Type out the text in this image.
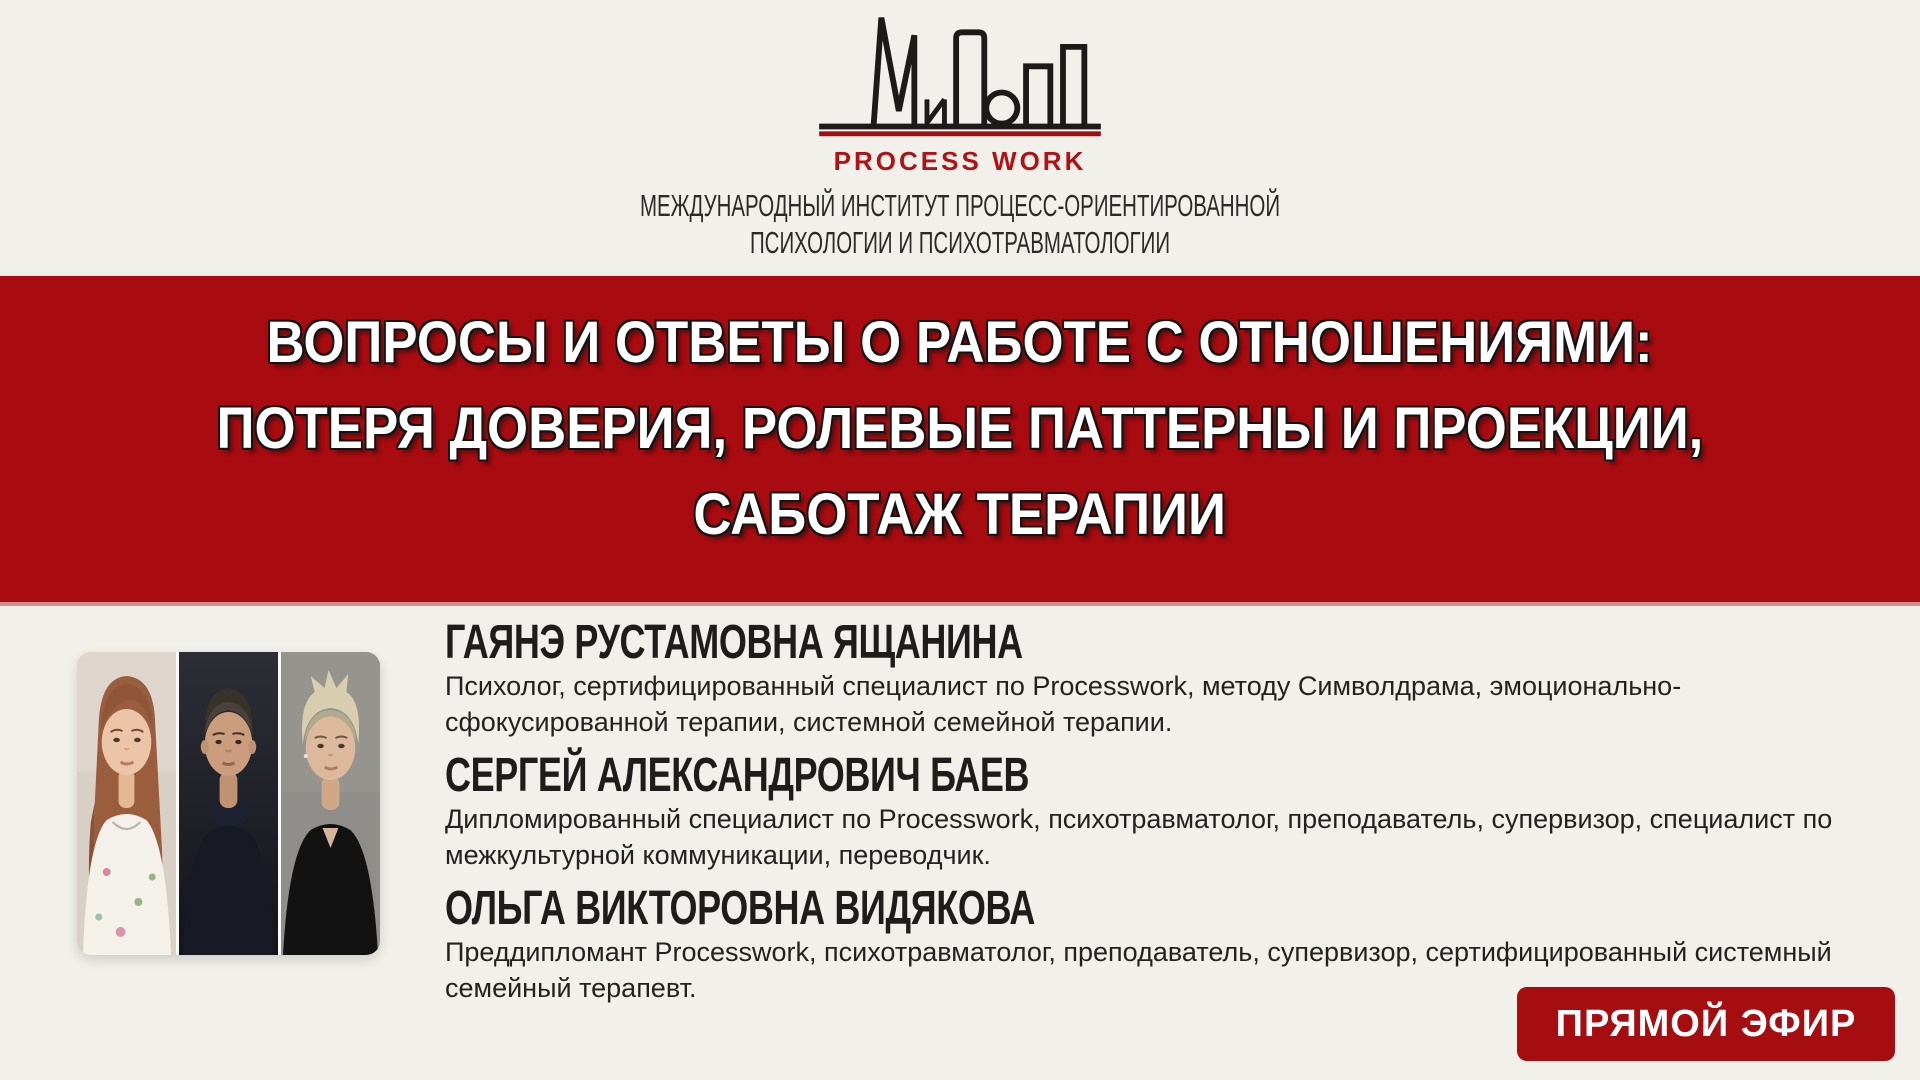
PROCESS WORK
МЕЖДУНАРОДНЫЙ ИНСТИТУТ ПРОЦЕСС-ОРИЕНТИРОВАННОЙ
ПСИХОЛОГИИ И ПСИХОТРАВМАТОЛОГИИ
ВОПРОСЫ И ОТВЕТЫ О РАБОТЕ С ОТНОШЕНИЯМИ:
ПОТЕРЯ ДОВЕРИЯ, РОЛЕВЫЕ ПАТТЕРНЫ И ПРОЕКЦИИ,
САБОТАЖ ТЕРАПИИ
ГАЯНЭ РУСТАМОВНА ЯЩАНИНА
Психолог, сертифицированный специалист по Processwork, методу Символдрама, эмоционально-сфокусированной терапии, системной семейной терапии.
СЕРГЕЙ АЛЕКСАНДРОВИЧ БАЕВ
Дипломированный специалист по Processwork, психотравматолог, преподаватель, супервизор, специалист по межкультурной коммуникации, переводчик.
ОЛЬГА ВИКТОРОВНА ВИДЯКОВА
Преддипломант Processwork, психотравматолог, преподаватель, супервизор, сертифицированный системный семейный терапевт.
ПРЯМОЙ ЭФИР
